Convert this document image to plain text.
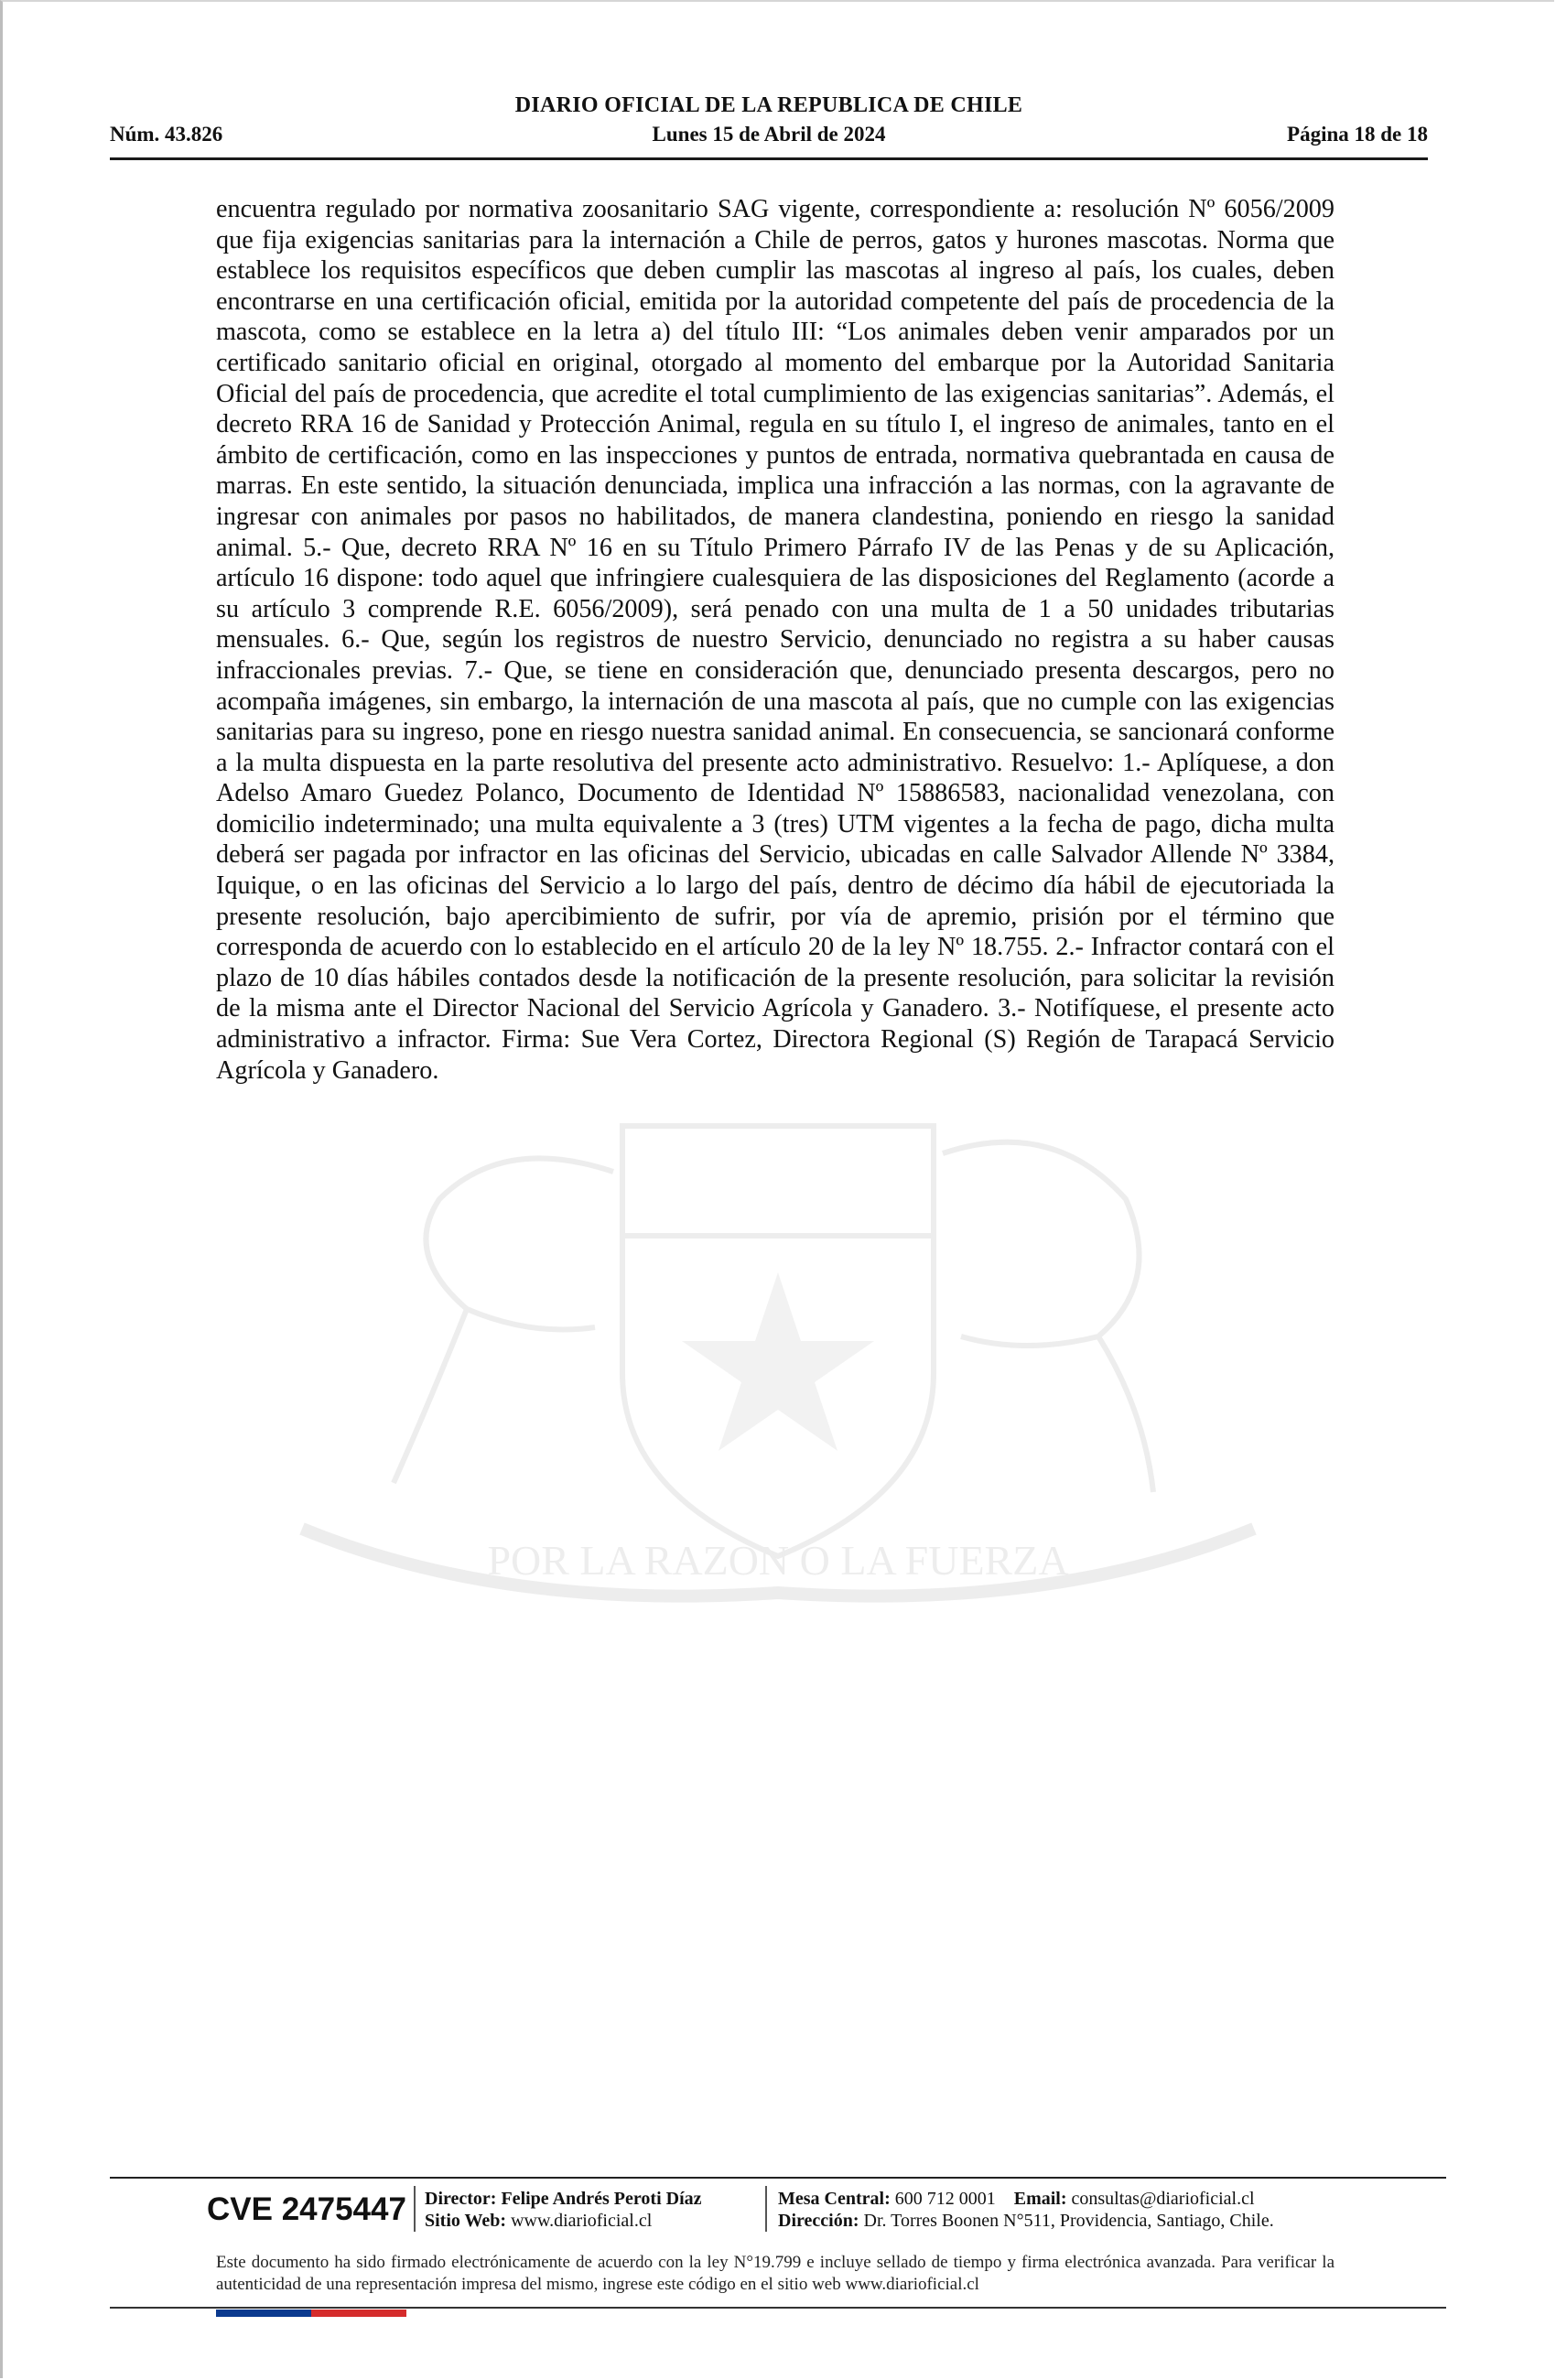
DIARIO OFICIAL DE LA REPUBLICA DE CHILE
Núm. 43.826	Lunes 15 de Abril de 2024	Página 18 de 18
POR LA RAZON O LA FUERZA
encuentra regulado por normativa zoosanitario SAG vigente, correspondiente a: resolución Nº 6056/2009 que fija exigencias sanitarias para la internación a Chile de perros, gatos y hurones mascotas. Norma que establece los requisitos específicos que deben cumplir las mascotas al ingreso al país, los cuales, deben encontrarse en una certificación oficial, emitida por la autoridad competente del país de procedencia de la mascota, como se establece en la letra a) del título III: “Los animales deben venir amparados por un certificado sanitario oficial en original, otorgado al momento del embarque por la Autoridad Sanitaria Oficial del país de procedencia, que acredite el total cumplimiento de las exigencias sanitarias”. Además, el decreto RRA 16 de Sanidad y Protección Animal, regula en su título I, el ingreso de animales, tanto en el ámbito de certificación, como en las inspecciones y puntos de entrada, normativa quebrantada en causa de marras. En este sentido, la situación denunciada, implica una infracción a las normas, con la agravante de ingresar con animales por pasos no habilitados, de manera clandestina, poniendo en riesgo la sanidad animal. 5.- Que, decreto RRA Nº 16 en su Título Primero Párrafo IV de las Penas y de su Aplicación, artículo 16 dispone: todo aquel que infringiere cualesquiera de las disposiciones del Reglamento (acorde a su artículo 3 comprende R.E. 6056/2009), será penado con una multa de 1 a 50 unidades tributarias mensuales. 6.- Que, según los registros de nuestro Servicio, denunciado no registra a su haber causas infraccionales previas. 7.- Que, se tiene en consideración que, denunciado presenta descargos, pero no acompaña imágenes, sin embargo, la internación de una mascota al país, que no cumple con las exigencias sanitarias para su ingreso, pone en riesgo nuestra sanidad animal. En consecuencia, se sancionará conforme a la multa dispuesta en la parte resolutiva del presente acto administrativo. Resuelvo: 1.- Aplíquese, a don Adelso Amaro Guedez Polanco, Documento de Identidad Nº 15886583, nacionalidad venezolana, con domicilio indeterminado; una multa equivalente a 3 (tres) UTM vigentes a la fecha de pago, dicha multa deberá ser pagada por infractor en las oficinas del Servicio, ubicadas en calle Salvador Allende Nº 3384, Iquique, o en las oficinas del Servicio a lo largo del país, dentro de décimo día hábil de ejecutoriada la presente resolución, bajo apercibimiento de sufrir, por vía de apremio, prisión por el término que corresponda de acuerdo con lo establecido en el artículo 20 de la ley Nº 18.755. 2.- Infractor contará con el plazo de 10 días hábiles contados desde la notificación de la presente resolución, para solicitar la revisión de la misma ante el Director Nacional del Servicio Agrícola y Ganadero. 3.- Notifíquese, el presente acto administrativo a infractor. Firma: Sue Vera Cortez, Directora Regional (S) Región de Tarapacá Servicio Agrícola y Ganadero.
CVE 2475447 Director: Felipe Andrés Peroti Díaz
Sitio Web: www.diarioficial.cl
Mesa Central: 600 712 0001 Email: consultas@diarioficial.cl
Dirección: Dr. Torres Boonen N°511, Providencia, Santiago, Chile.
Este documento ha sido firmado electrónicamente de acuerdo con la ley N°19.799 e incluye sellado de tiempo y firma electrónica avanzada. Para verificar la autenticidad de una representación impresa del mismo, ingrese este código en el sitio web www.diarioficial.cl
